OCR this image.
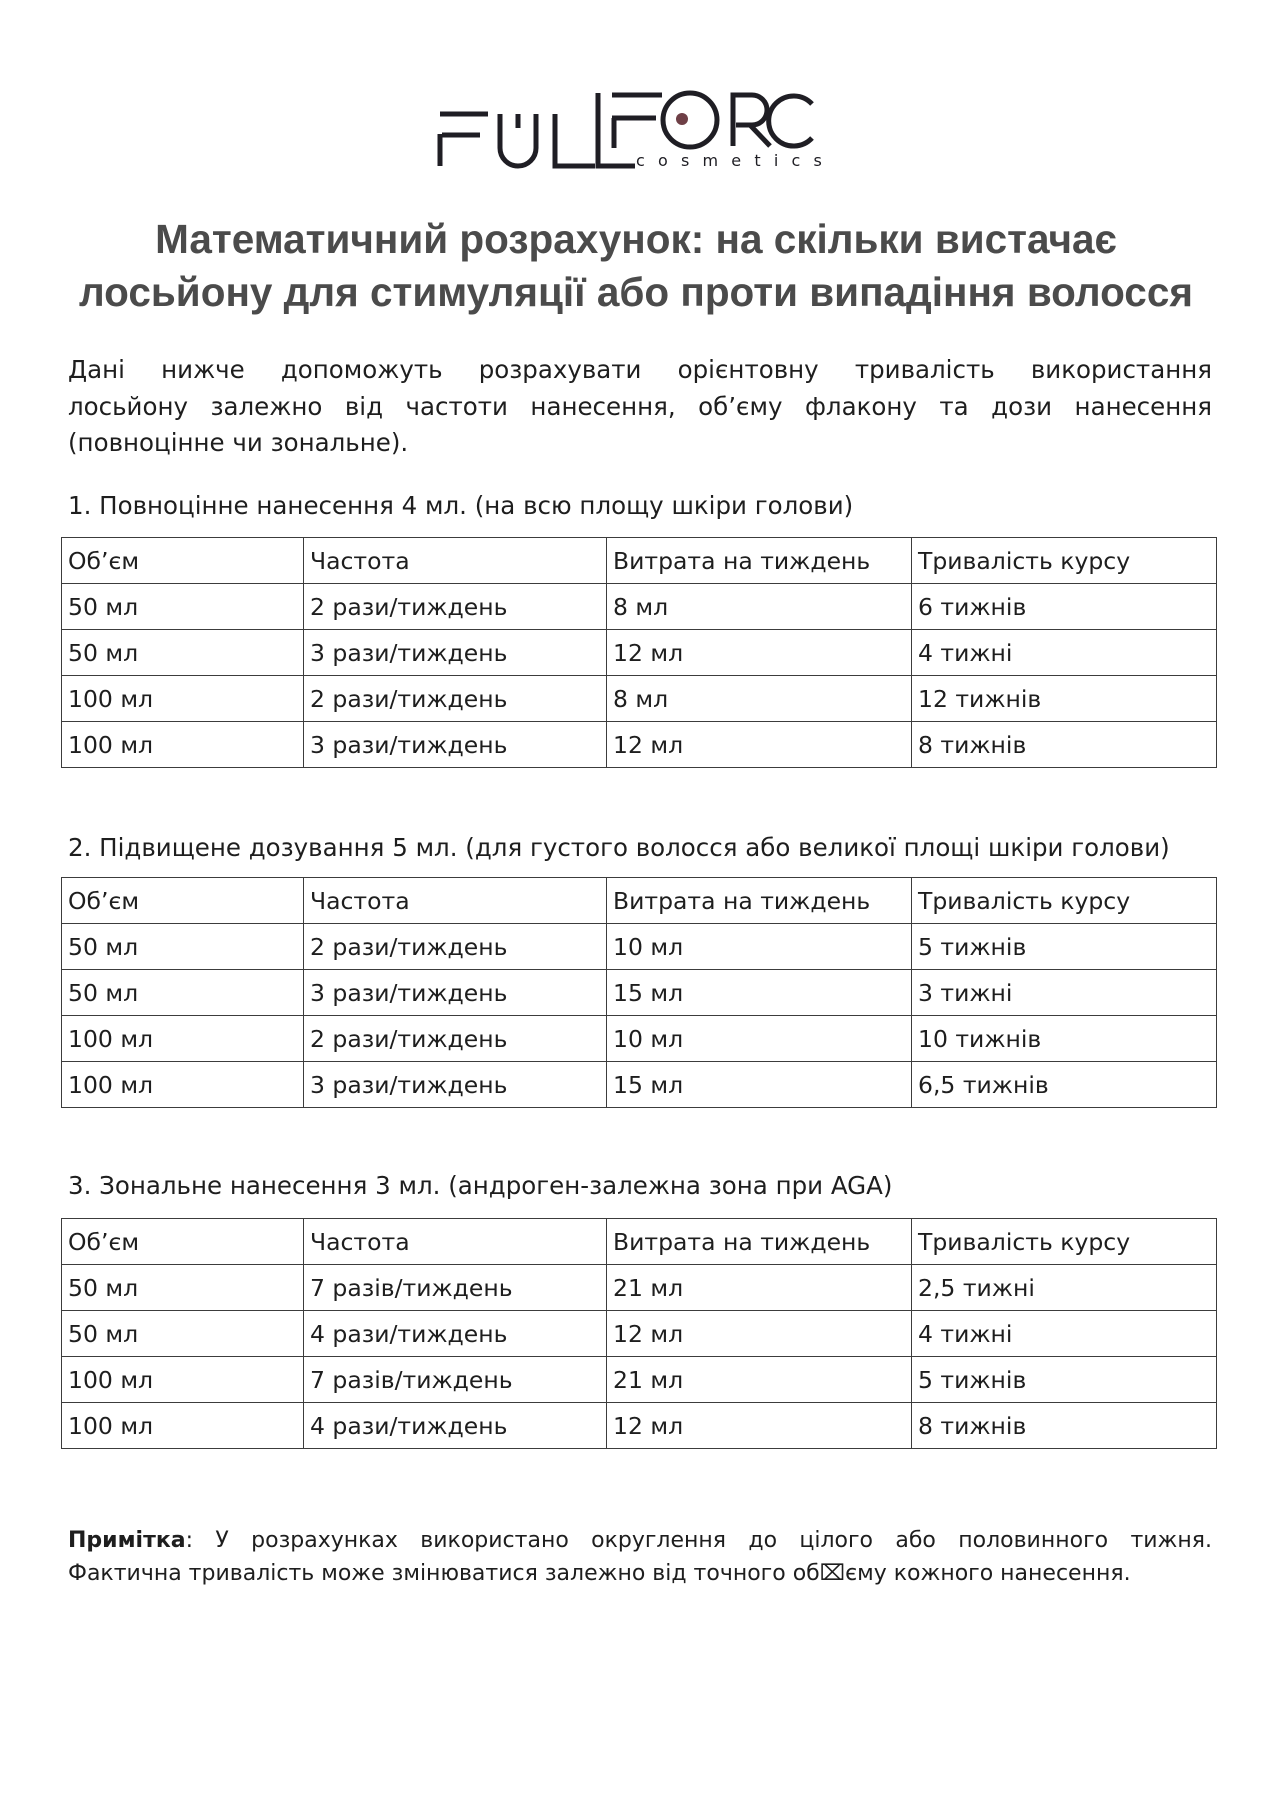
cosmetics
Математичний розрахунок: на скільки вистачає
лосьйону для стимуляції або проти випадіння волосся
Дані нижче допоможуть розрахувати орієнтовну тривалість використання
лосьйону залежно від частоти нанесення, об’єму флакону та дози нанесення
(повноцінне чи зональне).
1. Повноцінне нанесення 4 мл. (на всю площу шкіри голови)
Об’єм	Частота	Витрата на тиждень	Тривалість курсу
50 мл	2 рази/тиждень	8 мл	6 тижнів
50 мл	3 рази/тиждень	12 мл	4 тижні
100 мл	2 рази/тиждень	8 мл	12 тижнів
100 мл	3 рази/тиждень	12 мл	8 тижнів
2. Підвищене дозування 5 мл. (для густого волосся або великої площі шкіри голови)
Об’єм	Частота	Витрата на тиждень	Тривалість курсу
50 мл	2 рази/тиждень	10 мл	5 тижнів
50 мл	3 рази/тиждень	15 мл	3 тижні
100 мл	2 рази/тиждень	10 мл	10 тижнів
100 мл	3 рази/тиждень	15 мл	6,5 тижнів
3. Зональне нанесення 3 мл. (андроген-залежна зона при AGA)
Об’єм	Частота	Витрата на тиждень	Тривалість курсу
50 мл	7 разів/тиждень	21 мл	2,5 тижні
50 мл	4 рази/тиждень	12 мл	4 тижні
100 мл	7 разів/тиждень	21 мл	5 тижнів
100 мл	4 рази/тиждень	12 мл	8 тижнів
Примітка: У розрахунках використано округлення до цілого або половинного тижня.
Фактична тривалість може змінюватися залежно від точного об⌧єму кожного нанесення.
